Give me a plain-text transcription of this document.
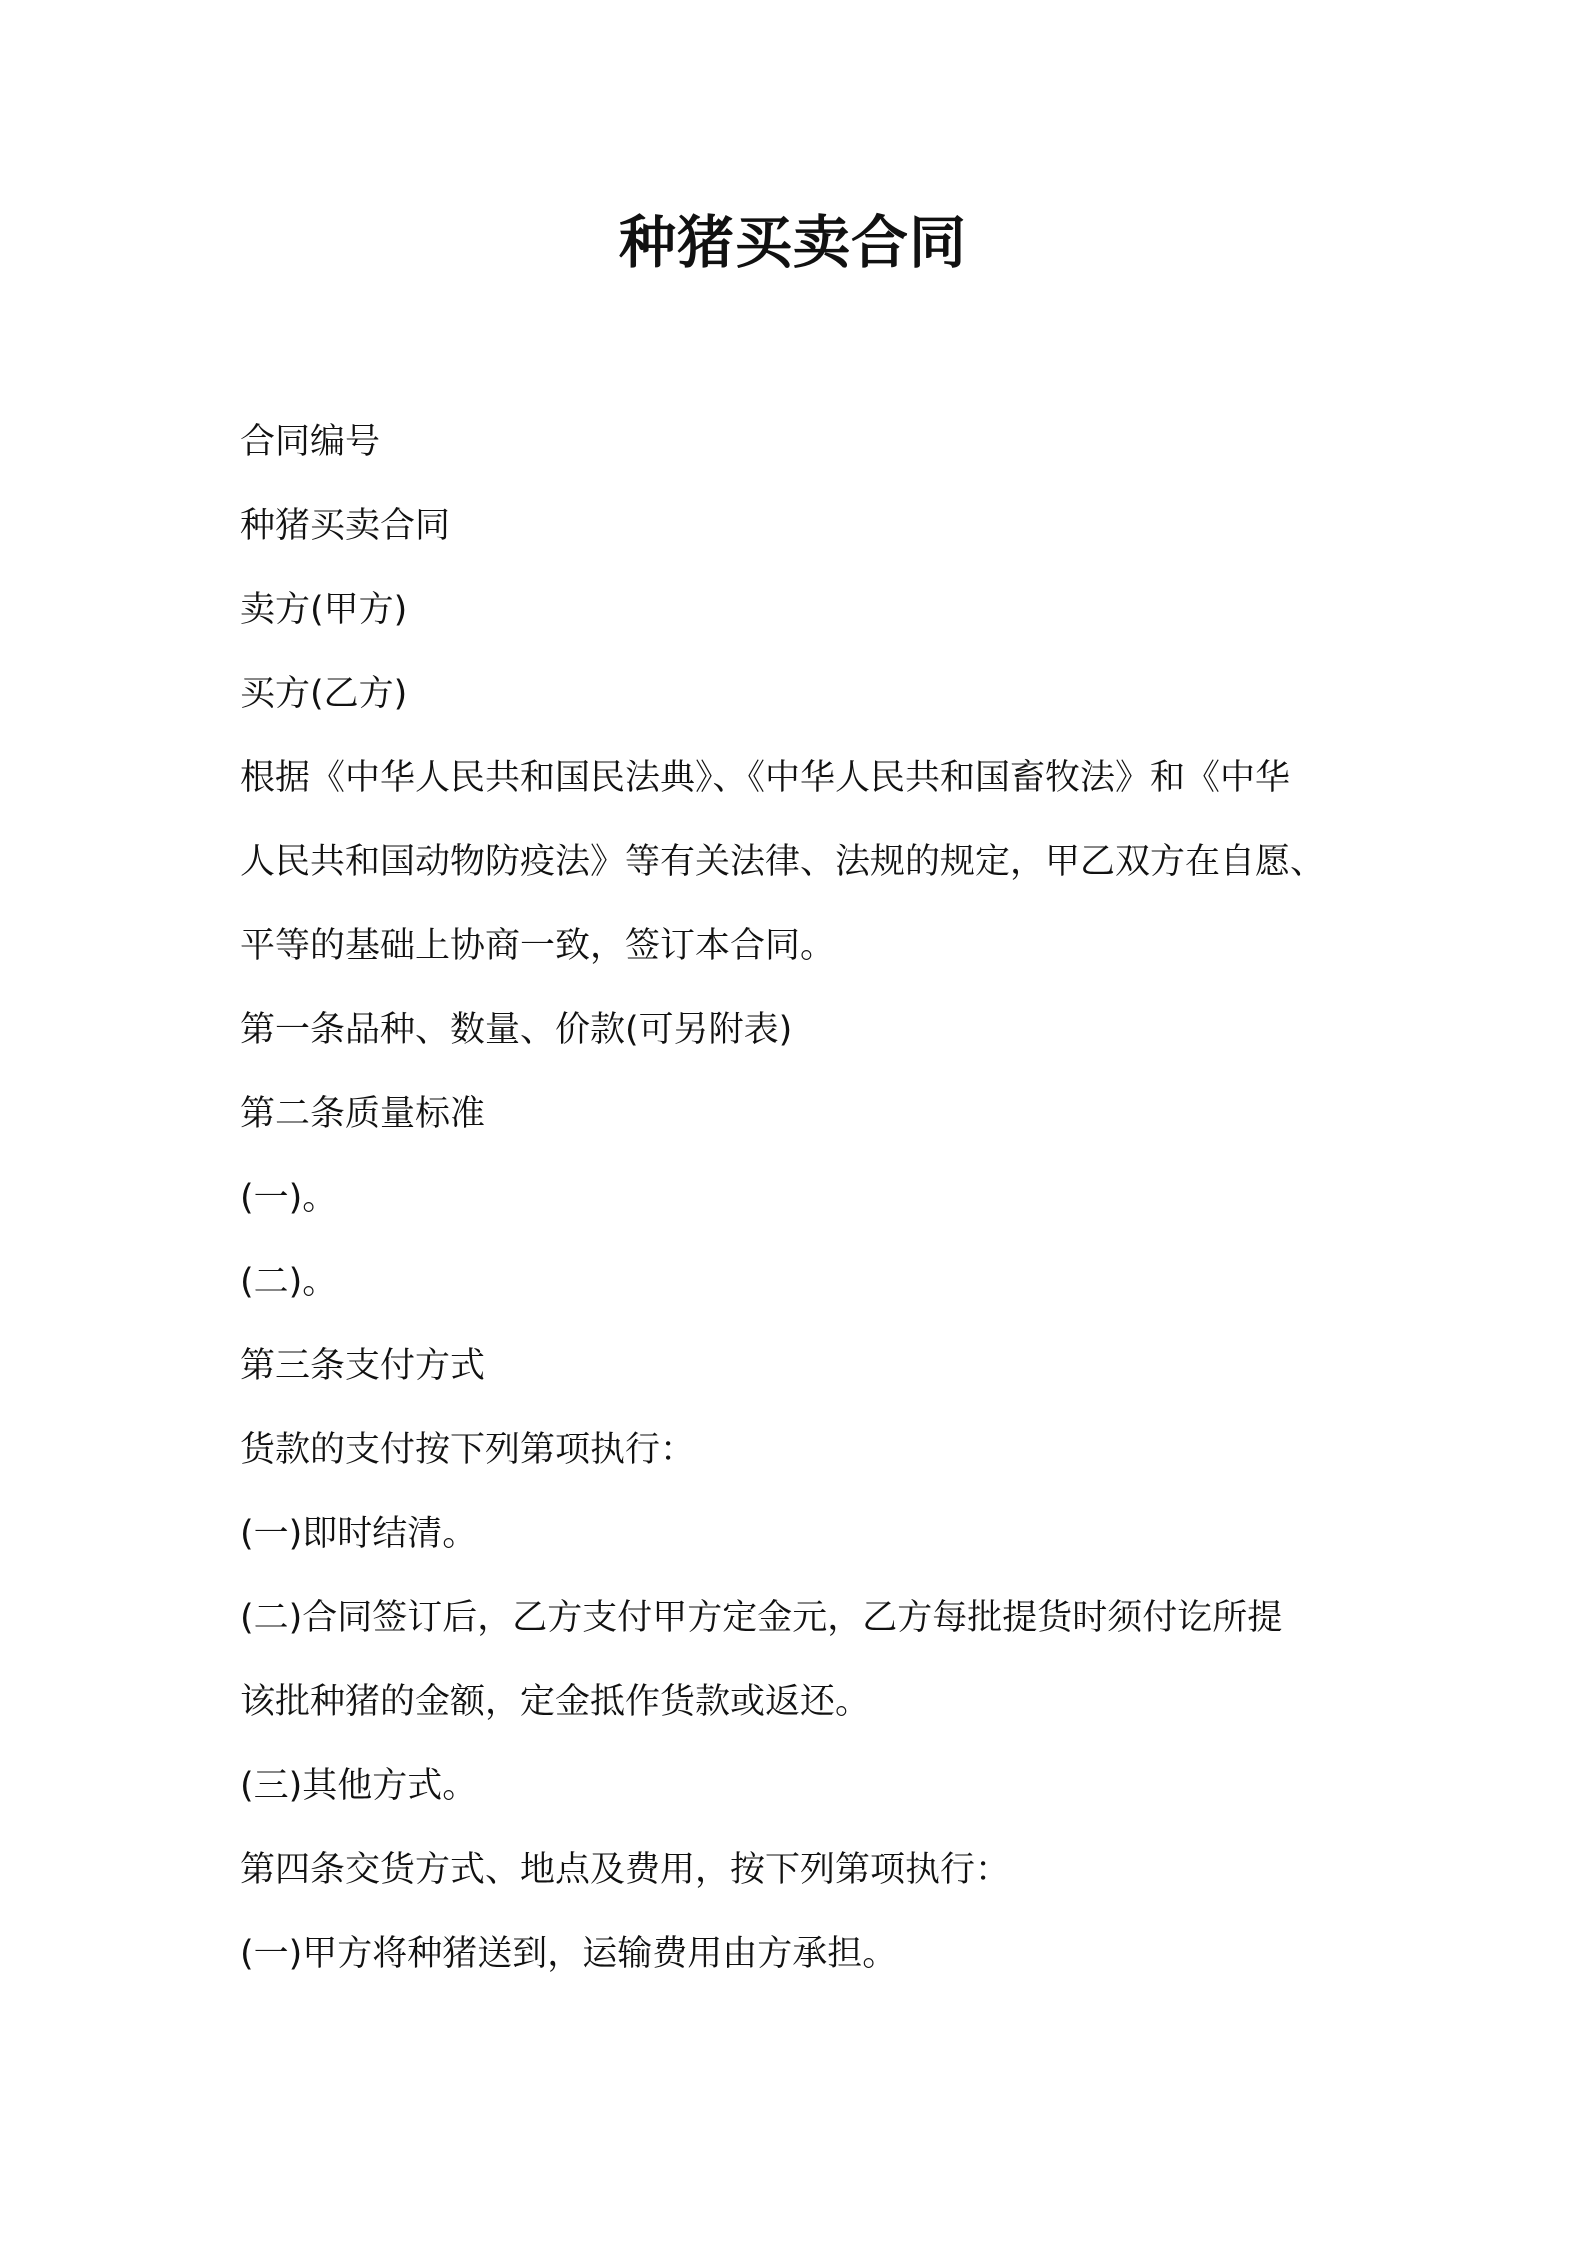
种猪买卖合同

合同编号

种猪买卖合同

卖方(甲方)

买方(乙方)

根据《中华人民共和国民法典》、《中华人民共和国畜牧法》和《中华

人民共和国动物防疫法》等有关法律、法规的规定，甲乙双方在自愿、

平等的基础上协商一致，签订本合同。

第一条品种、数量、价款(可另附表)

第二条质量标准

(一)。

(二)。

第三条支付方式

货款的支付按下列第项执行：

(一)即时结清。

(二)合同签订后，乙方支付甲方定金元，乙方每批提货时须付讫所提

该批种猪的金额，定金抵作货款或返还。

(三)其他方式。

第四条交货方式、地点及费用，按下列第项执行：

(一)甲方将种猪送到，运输费用由方承担。
